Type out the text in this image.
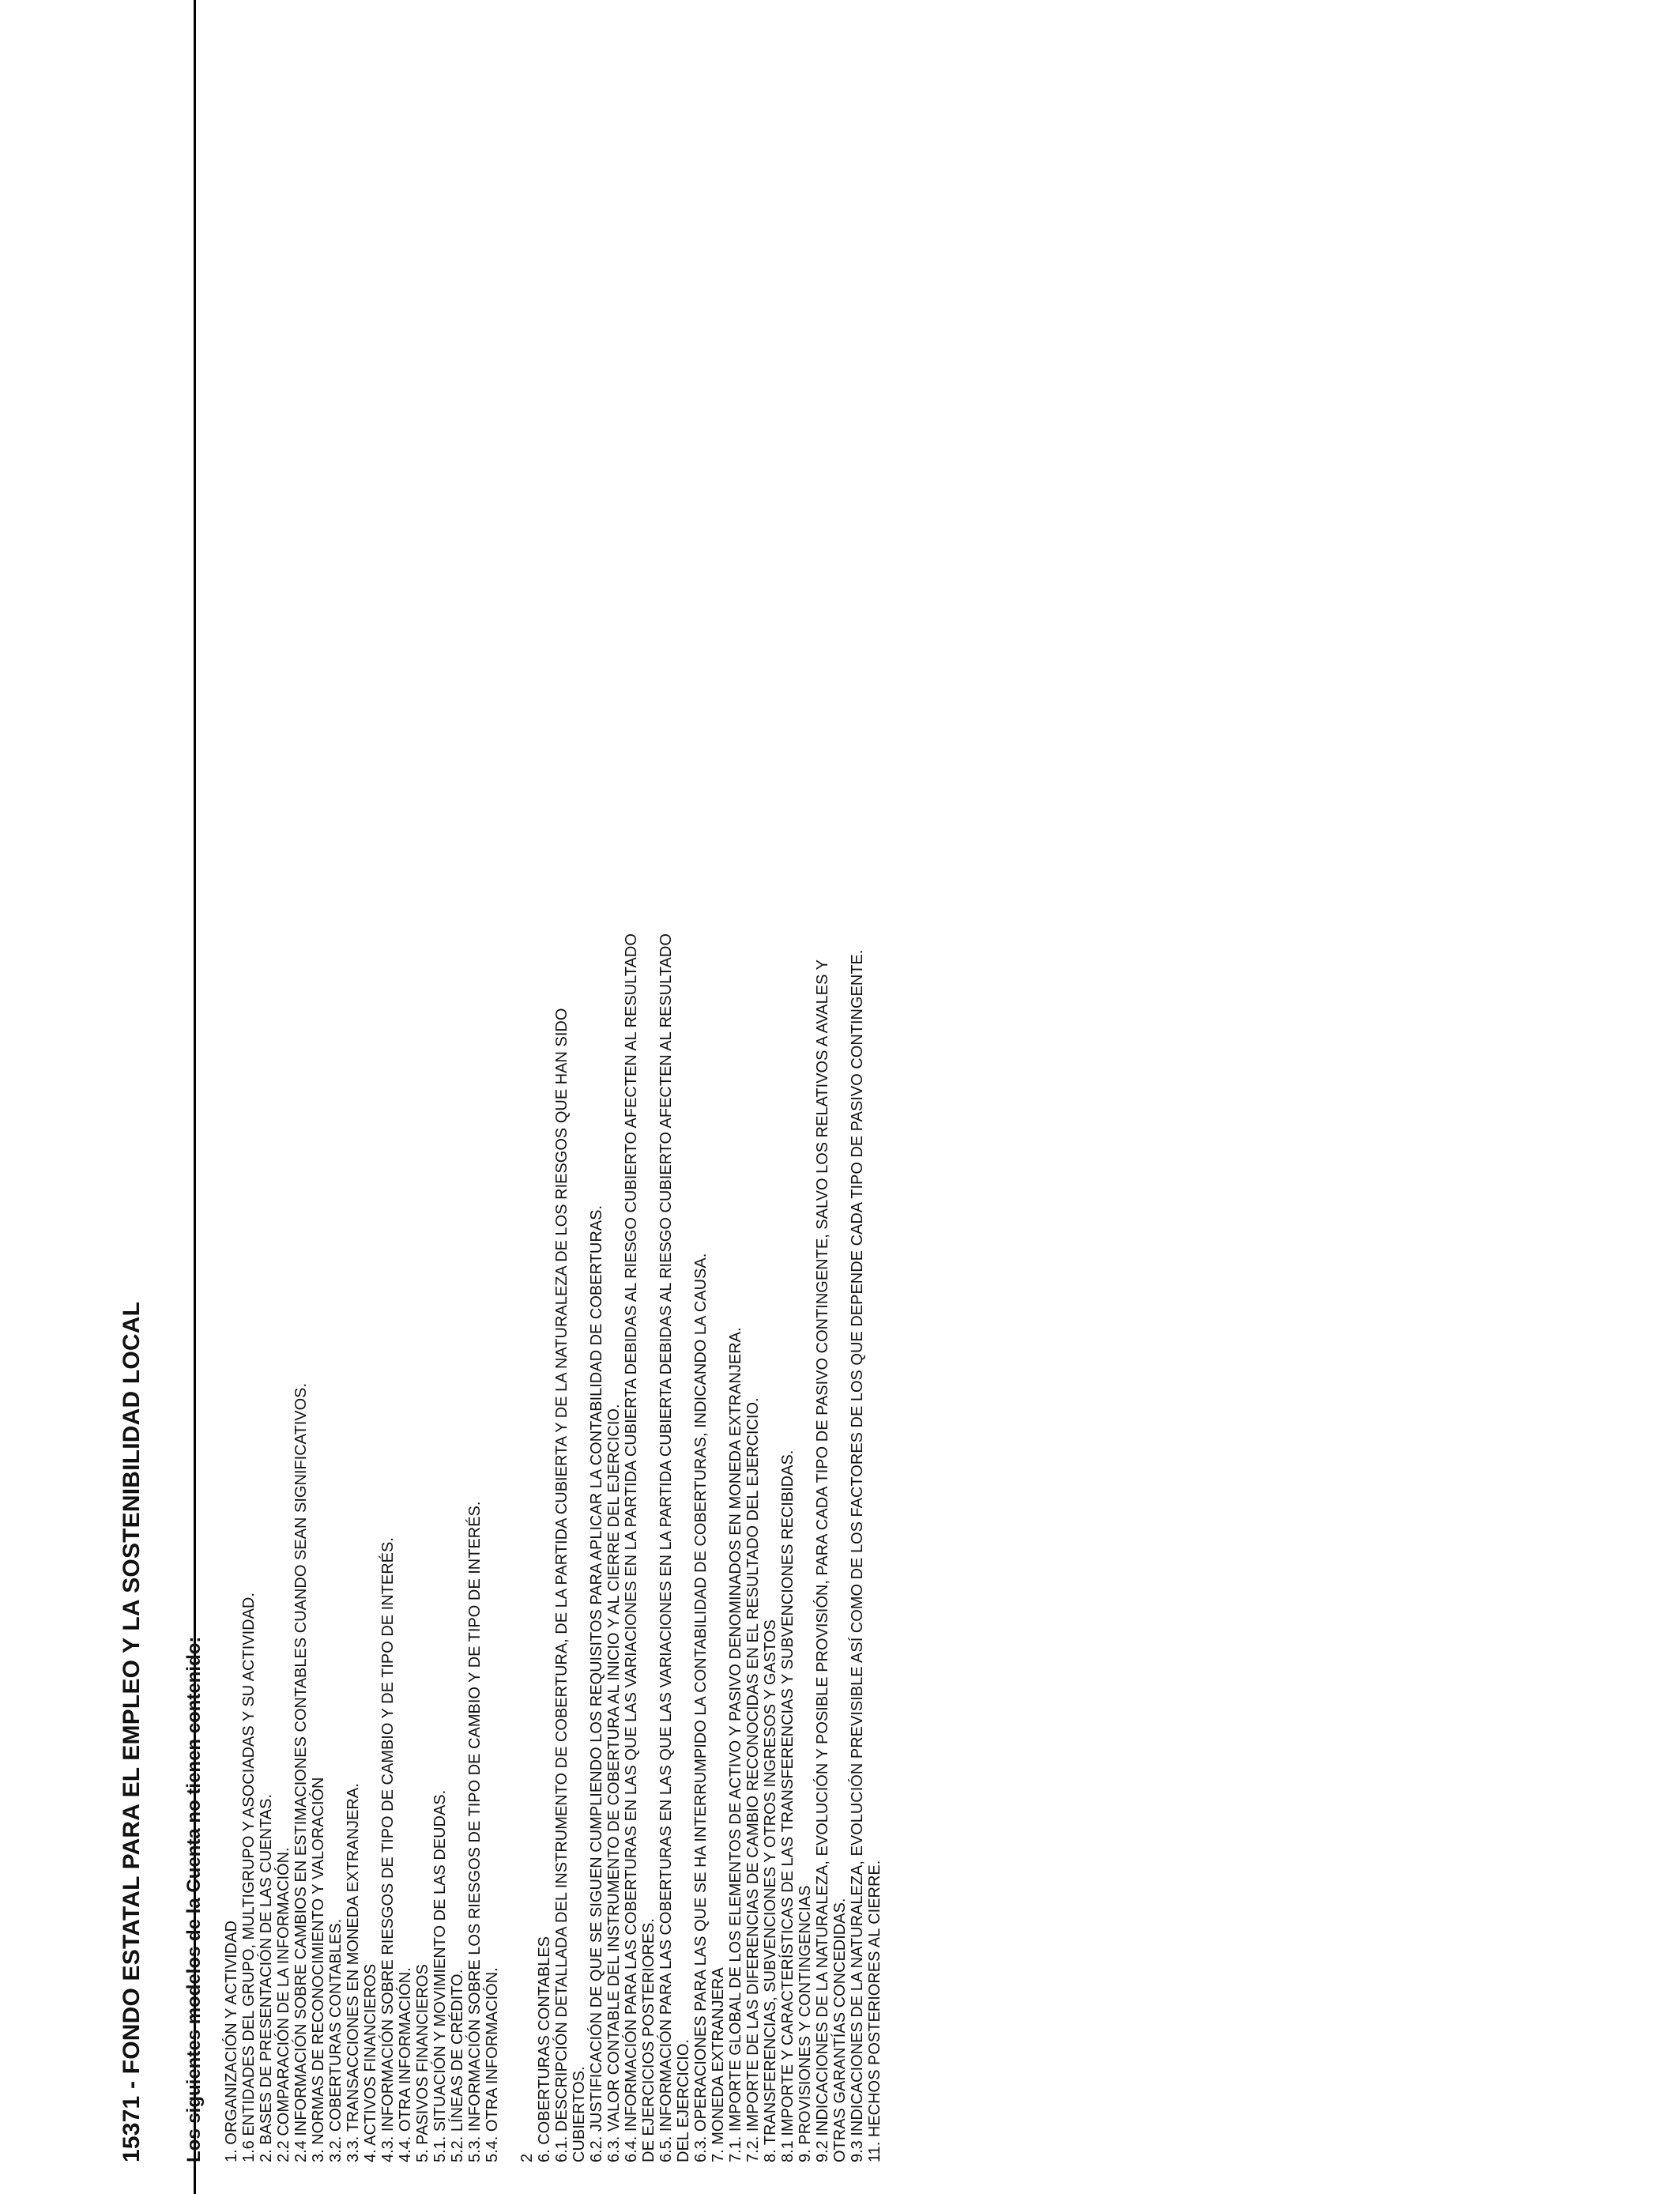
15371 - FONDO ESTATAL PARA EL EMPLEO Y LA SOSTENIBILIDAD LOCAL Los siguientes modelos de la Cuenta no tienen contenido: 1. ORGANIZACIÓN Y ACTIVIDAD 1.6 ENTIDADES DEL GRUPO, MULTIGRUPO Y ASOCIADAS Y SU ACTIVIDAD. 2. BASES DE PRESENTACIÓN DE LAS CUENTAS. 2.2 COMPARACIÓN DE LA INFORMACIÓN. 2.4 INFORMACIÓN SOBRE CAMBIOS EN ESTIMACIONES CONTABLES CUANDO SEAN SIGNIFICATIVOS. 3. NORMAS DE RECONOCIMIENTO Y VALORACIÓN 3.2. COBERTURAS CONTABLES. 3.3. TRANSACCIONES EN MONEDA EXTRANJERA. 4. ACTIVOS FINANCIEROS 4.3. INFORMACIÓN SOBRE RIESGOS DE TIPO DE CAMBIO Y DE TIPO DE INTERÉS. 4.4. OTRA INFORMACIÓN. 5. PASIVOS FINANCIEROS 5.1. SITUACIÓN Y MOVIMIENTO DE LAS DEUDAS. 5.2. LÍNEAS DE CRÉDITO. 5.3. INFORMACIÓN SOBRE LOS RIESGOS DE TIPO DE CAMBIO Y DE TIPO DE INTERÉS. 5.4. OTRA INFORMACIÓN. 2 6. COBERTURAS CONTABLES 6.1. DESCRIPCIÓN DETALLADA DEL INSTRUMENTO DE COBERTURA, DE LA PARTIDA CUBIERTA Y DE LA NATURALEZA DE LOS RIESGOS QUE HAN SIDO CUBIERTOS. 6.2. JUSTIFICACIÓN DE QUE SE SIGUEN CUMPLIENDO LOS REQUISITOS PARA APLICAR LA CONTABILIDAD DE COBERTURAS. 6.3. VALOR CONTABLE DEL INSTRUMENTO DE COBERTURA AL INICIO Y AL CIERRE DEL EJERCICIO. 6.4. INFORMACIÓN PARA LAS COBERTURAS EN LAS QUE LAS VARIACIONES EN LA PARTIDA CUBIERTA DEBIDAS AL RIESGO CUBIERTO AFECTEN AL RESULTADO DE EJERCICIOS POSTERIORES. 6.5. INFORMACIÓN PARA LAS COBERTURAS EN LAS QUE LAS VARIACIONES EN LA PARTIDA CUBIERTA DEBIDAS AL RIESGO CUBIERTO AFECTEN AL RESULTADO DEL EJERCICIO. 6.3. OPERACIONES PARA LAS QUE SE HA INTERRUMPIDO LA CONTABILIDAD DE COBERTURAS, INDICANDO LA CAUSA. 7. MONEDA EXTRANJERA 7.1. IMPORTE GLOBAL DE LOS ELEMENTOS DE ACTIVO Y PASIVO DENOMINADOS EN MONEDA EXTRANJERA. 7.2. IMPORTE DE LAS DIFERENCIAS DE CAMBIO RECONOCIDAS EN EL RESULTADO DEL EJERCICIO. 8. TRANSFERENCIAS, SUBVENCIONES Y OTROS INGRESOS Y GASTOS 8.1 IMPORTE Y CARACTERÍSTICAS DE LAS TRANSFERENCIAS Y SUBVENCIONES RECIBIDAS. 9. PROVISIONES Y CONTINGENCIAS 9.2 INDICACIONES DE LA NATURALEZA, EVOLUCIÓN Y POSIBLE PROVISIÓN, PARA CADA TIPO DE PASIVO CONTINGENTE, SALVO LOS RELATIVOS A AVALES Y OTRAS GARANTÍAS CONCEDIDAS. 9.3 INDICACIONES DE LA NATURALEZA, EVOLUCIÓN PREVISIBLE ASÍ COMO DE LOS FACTORES DE LOS QUE DEPENDE CADA TIPO DE PASIVO CONTINGENTE. 11. HECHOS POSTERIORES AL CIERRE.
